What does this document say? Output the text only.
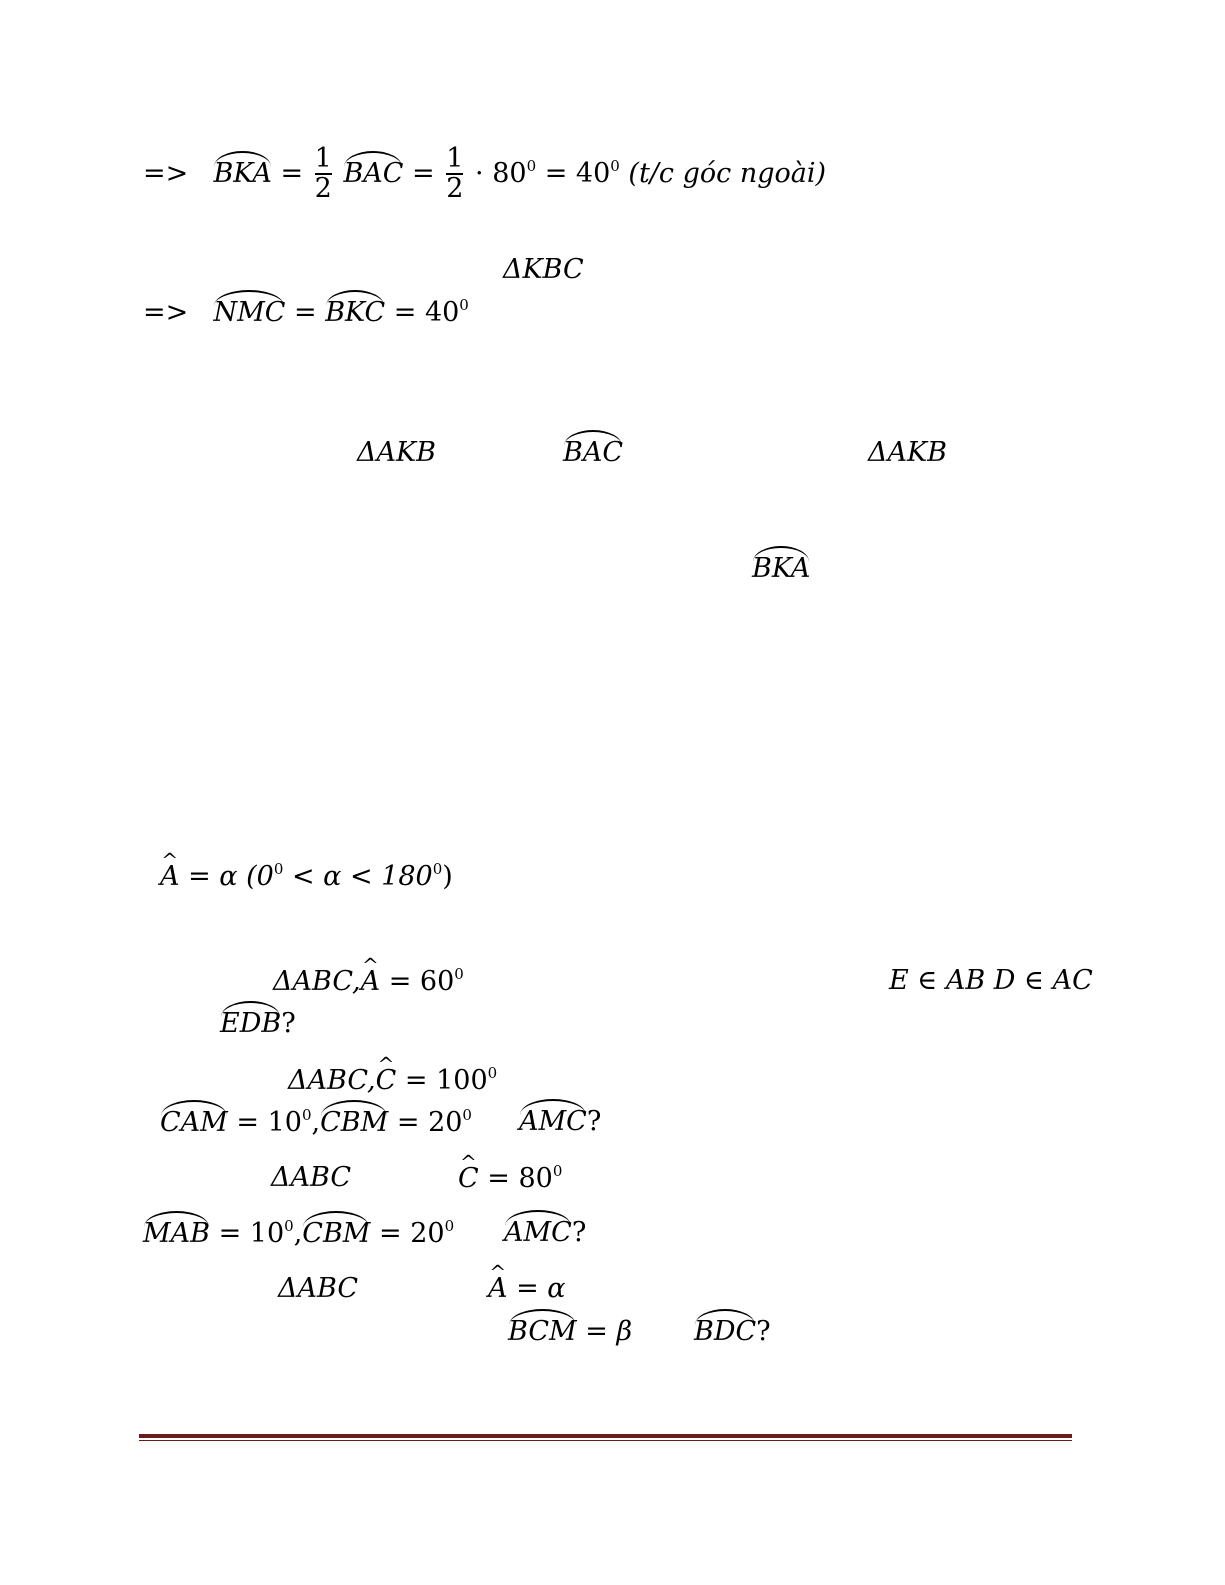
=> BKA = $\frac{1}{2}$ BAC = $\frac{1}{2} \cdot 80^0 = 40^0$ (t/c góc ngoài)
ΔKBC
=> NMC = BKC = $40^0$
ΔAKB	BAC	ΔAKB
BKA
^ A = α $(0^0 < \alpha < 180^0)$
ΔABC,^ $A = 60^0$	E ∈ AB D ∈ AC
EDB?
ΔABC,^ $C = 100^0$
CAM = $10^0,CBM = 20^0$ AMC?
ΔABC	^ $C = 80^0$
MAB = $10^0,CBM = 20^0$ AMC?
ΔABC	^ A = α
BCM = β BDC?
